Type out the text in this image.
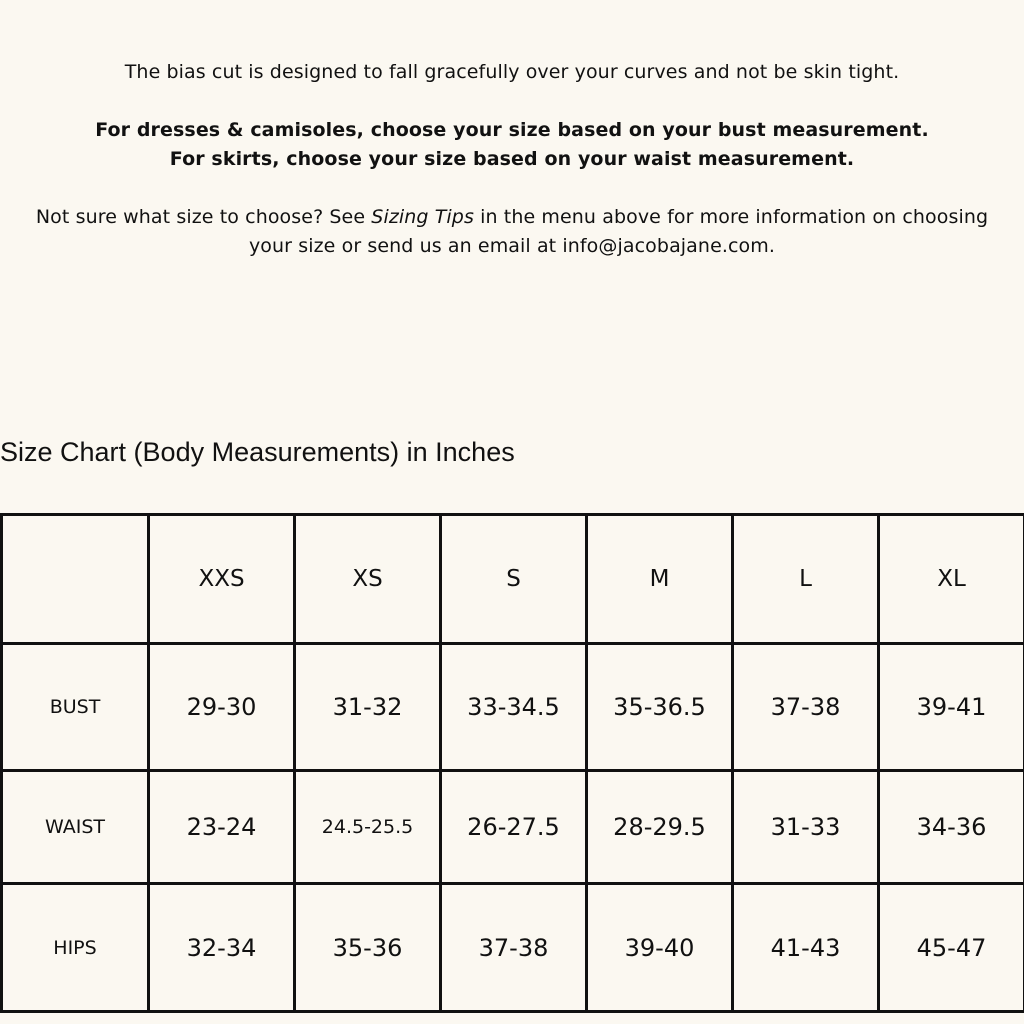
The bias cut is designed to fall gracefully over your curves and not be skin tight.

For dresses & camisoles, choose your size based on your bust measurement.
For skirts, choose your size based on your waist measurement.

Not sure what size to choose? See Sizing Tips in the menu above for more information on choosing
your size or send us an email at info@jacobajane.com.

Size Chart (Body Measurements) in Inches
	XXS	XS	S	M	L	XL
BUST	29-30	31-32	33-34.5	35-36.5	37-38	39-41
WAIST	23-24	24.5-25.5	26-27.5	28-29.5	31-33	34-36
HIPS	32-34	35-36	37-38	39-40	41-43	45-47
